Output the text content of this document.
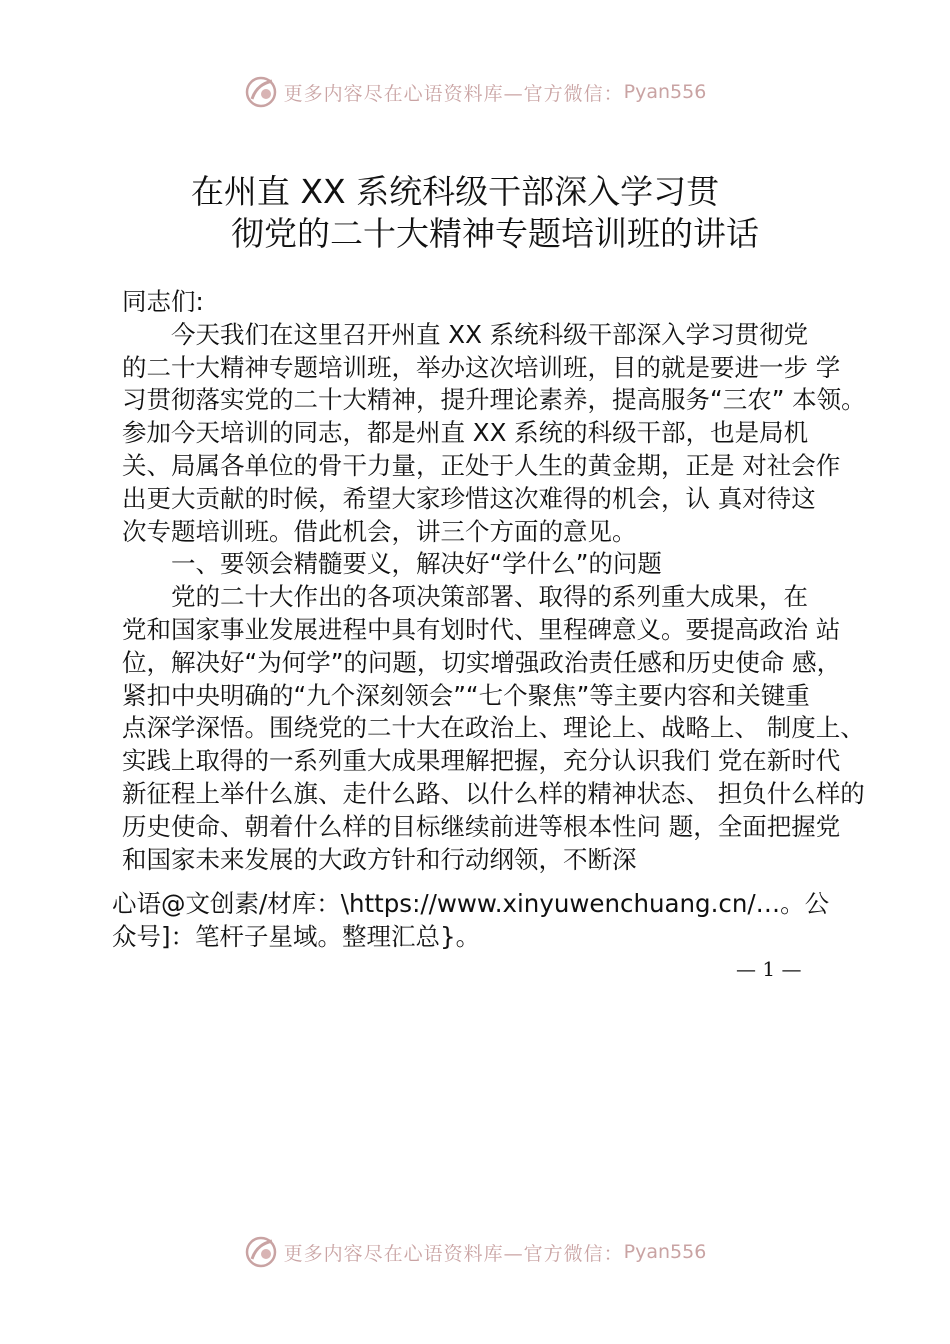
更多内容尽在心语资料库—官方微信： Pyan556
在州直 XX 系统科级干部深入学习贯
彻党的二十大精神专题培训班的讲话

同志们:

今天我们在这里召开州直 XX 系统科级干部深入学习贯彻党

的二十大精神专题培训班，举办这次培训班，目的就是要进一步 学

习贯彻落实党的二十大精神，提升理论素养，提高服务“三农” 本领。

参加今天培训的同志，都是州直 XX 系统的科级干部，也是局机

关、局属各单位的骨干力量，正处于人生的黄金期，正是 对社会作

出更大贡献的时候，希望大家珍惜这次难得的机会，认 真对待这

次专题培训班。借此机会，讲三个方面的意见。

一、要领会精髓要义，解决好“学什么”的问题

党的二十大作出的各项决策部署、取得的系列重大成果，在

党和国家事业发展进程中具有划时代、里程碑意义。要提高政治 站

位，解决好“为何学”的问题，切实增强政治责任感和历史使命 感，

紧扣中央明确的“九个深刻领会”“七个聚焦”等主要内容和关键重

点深学深悟。围绕党的二十大在政治上、理论上、战略上、 制度上、

实践上取得的一系列重大成果理解把握，充分认识我们 党在新时代

新征程上举什么旗、走什么路、以什么样的精神状态、 担负什么样的

历史使命、朝着什么样的目标继续前进等根本性问 题，全面把握党

和国家未来发展的大政方针和行动纲领，不断深

心语@文创素/材库：\https://www.xinyuwenchuang.cn/…。公

众号]：笔杆子星域。整理汇总}。

— 1 —
更多内容尽在心语资料库—官方微信： Pyan556
